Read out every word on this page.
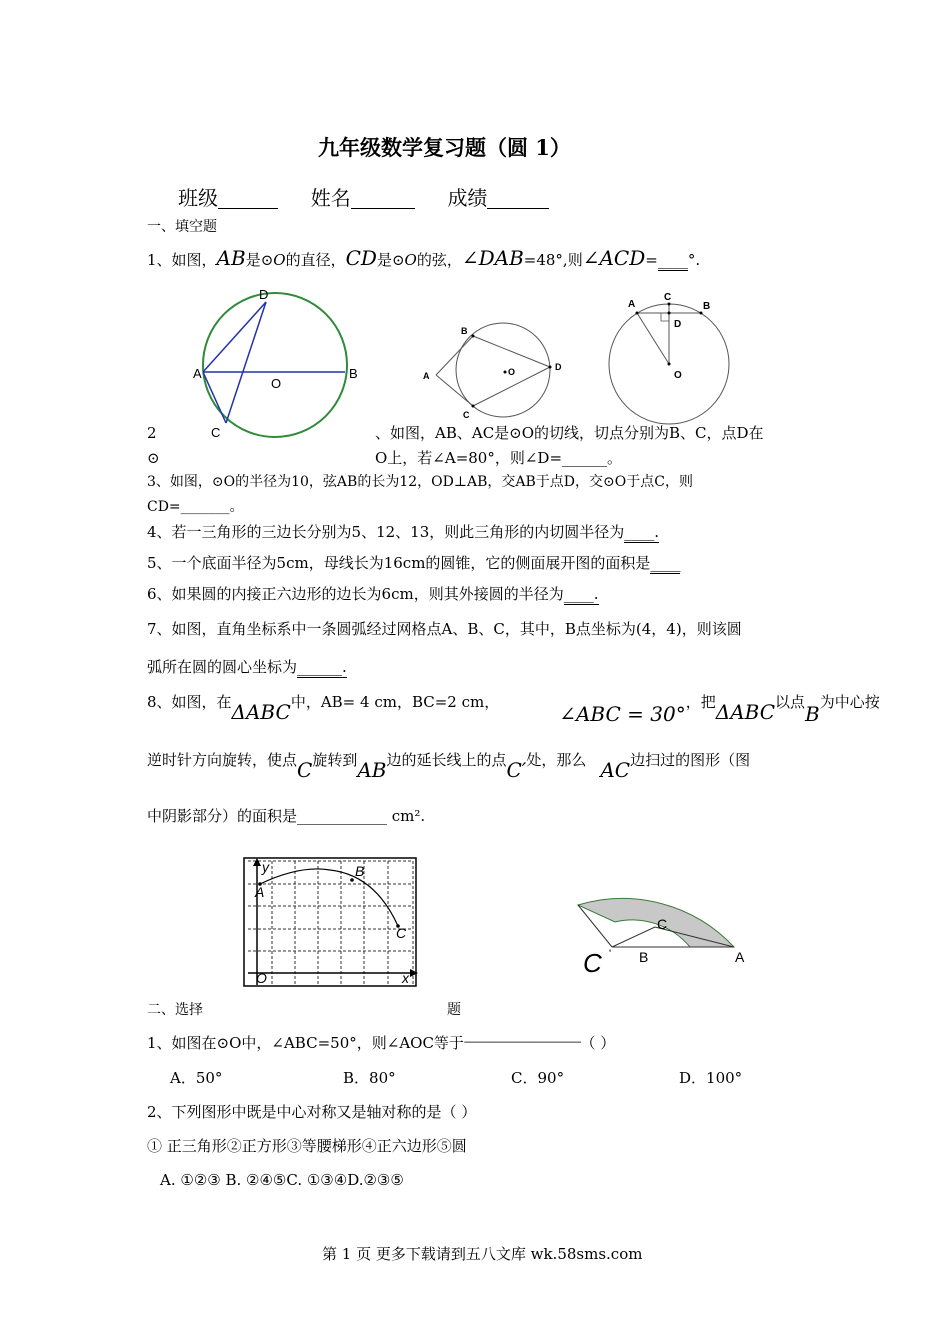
九年级数学复习题（圆 1）
班级	姓名	成绩
一、填空题
1、如图，AB是⊙O的直径，CD是⊙O的弦，∠DAB=48°,则∠ACD=____°.
D
A
O
B
C
A
B
C
O	D
A
C
B
D
O
2	、如图，AB、AC是⊙O的切线，切点分别为B、C，点D在
⊙	O上，若∠A=80°，则∠D=______。
3、如图，⊙O的半径为10，弦AB的长为12，OD⊥AB，交AB于点D，交⊙O于点C，则
CD=_______。
4、若一三角形的三边长分别为5、12、13，则此三角形的内切圆半径为____.
5、一个底面半径为5cm，母线长为16cm的圆锥，它的侧面展开图的面积是____
6、如果圆的内接正六边形的边长为6cm，则其外接圆的半径为____.
7、如图，直角坐标系中一条圆弧经过网格点A、B、C，其中，B点坐标为(4，4)，则该圆
弧所在圆的圆心坐标为______.
8、如图，在ΔABC中，AB= 4 cm，BC=2 cm，	∠ABC = 30°，把ΔABC以点B为中心按
逆时针方向旋转，使点C旋转到AB边的延长线上的点C′处，那么 AC边扫过的图形（图
中阴影部分）的面积是____________ cm².
y
x
O
A
B
C
C
C ' B	A
二、选择	题
1、如图在⊙O中，∠ABC=50°，则∠AOC等于-------------------------------------------------（ ）
A．50°	B．80°	C．90°	D．100°
2、下列图形中既是中心对称又是轴对称的是（ ）
① 正三角形②正方形③等腰梯形④正六边形⑤圆
A. ①②③ B. ②④⑤C. ①③④D.②③⑤
第 1 页 更多下载请到五八文库 wk.58sms.com
